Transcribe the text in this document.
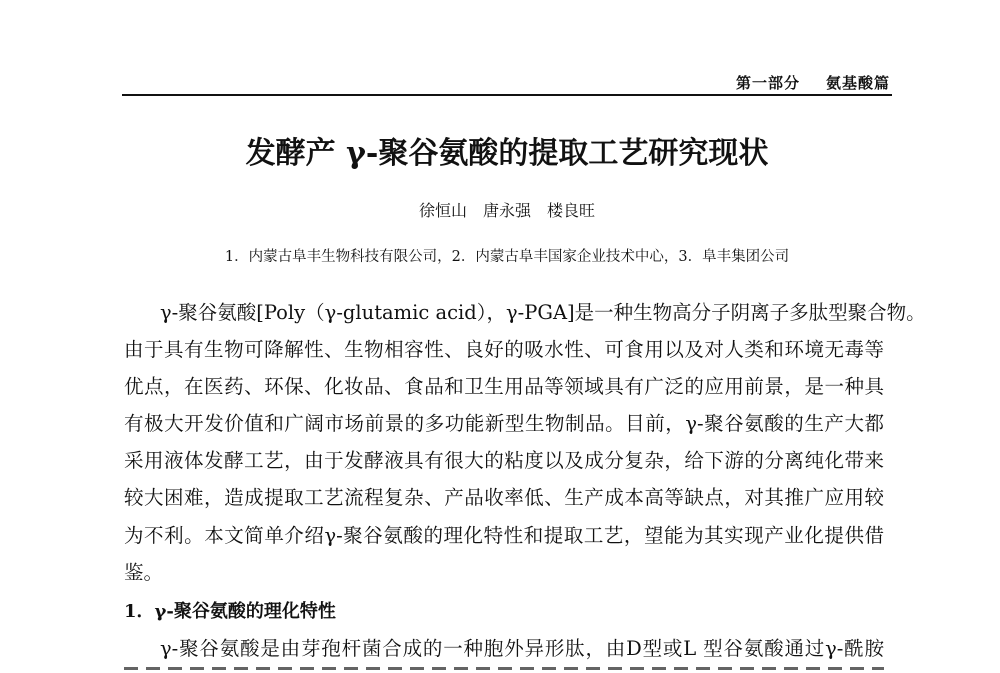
第一部分 氨基酸篇
发酵产 γ-聚谷氨酸的提取工艺研究现状
徐恒山　唐永强　楼良旺
1．内蒙古阜丰生物科技有限公司，2．内蒙古阜丰国家企业技术中心，3．阜丰集团公司
γ-聚谷氨酸[Poly（γ-glutamic acid），γ-PGA]是一种生物高分子阴离子多肽型聚合物。
由于具有生物可降解性、生物相容性、良好的吸水性、可食用以及对人类和环境无毒等
优点，在医药、环保、化妆品、食品和卫生用品等领域具有广泛的应用前景，是一种具
有极大开发价值和广阔市场前景的多功能新型生物制品。目前，γ-聚谷氨酸的生产大都
采用液体发酵工艺，由于发酵液具有很大的粘度以及成分复杂，给下游的分离纯化带来
较大困难，造成提取工艺流程复杂、产品收率低、生产成本高等缺点，对其推广应用较
为不利。本文简单介绍γ-聚谷氨酸的理化特性和提取工艺，望能为其实现产业化提供借
鉴。
1．γ-聚谷氨酸的理化特性
γ-聚谷氨酸是由芽孢杆菌合成的一种胞外异形肽，由D型或L 型谷氨酸通过γ-酰胺
